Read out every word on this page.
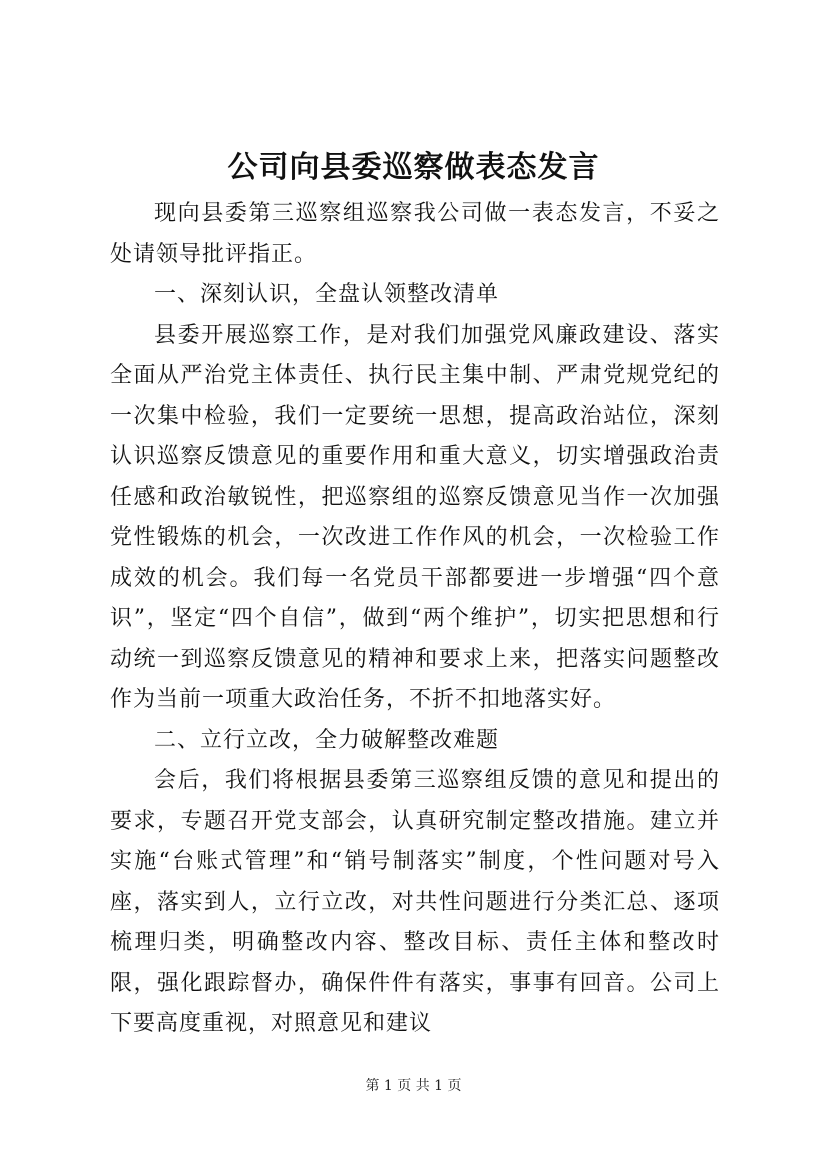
公司向县委巡察做表态发言

现向县委第三巡察组巡察我公司做一表态发言，不妥之处请领导批评指正。

一、深刻认识，全盘认领整改清单

县委开展巡察工作，是对我们加强党风廉政建设、落实全面从严治党主体责任、执行民主集中制、严肃党规党纪的一次集中检验，我们一定要统一思想，提高政治站位，深刻认识巡察反馈意见的重要作用和重大意义，切实增强政治责任感和政治敏锐性，把巡察组的巡察反馈意见当作一次加强党性锻炼的机会，一次改进工作作风的机会，一次检验工作成效的机会。我们每一名党员干部都要进一步增强“四个意识”，坚定“四个自信”，做到“两个维护”，切实把思想和行动统一到巡察反馈意见的精神和要求上来，把落实问题整改作为当前一项重大政治任务，不折不扣地落实好。

二、立行立改，全力破解整改难题

会后，我们将根据县委第三巡察组反馈的意见和提出的要求，专题召开党支部会，认真研究制定整改措施。建立并实施“台账式管理”和“销号制落实”制度，个性问题对号入座，落实到人，立行立改，对共性问题进行分类汇总、逐项梳理归类，明确整改内容、整改目标、责任主体和整改时限，强化跟踪督办，确保件件有落实，事事有回音。公司上下要高度重视，对照意见和建议

第 1 页 共 1 页
